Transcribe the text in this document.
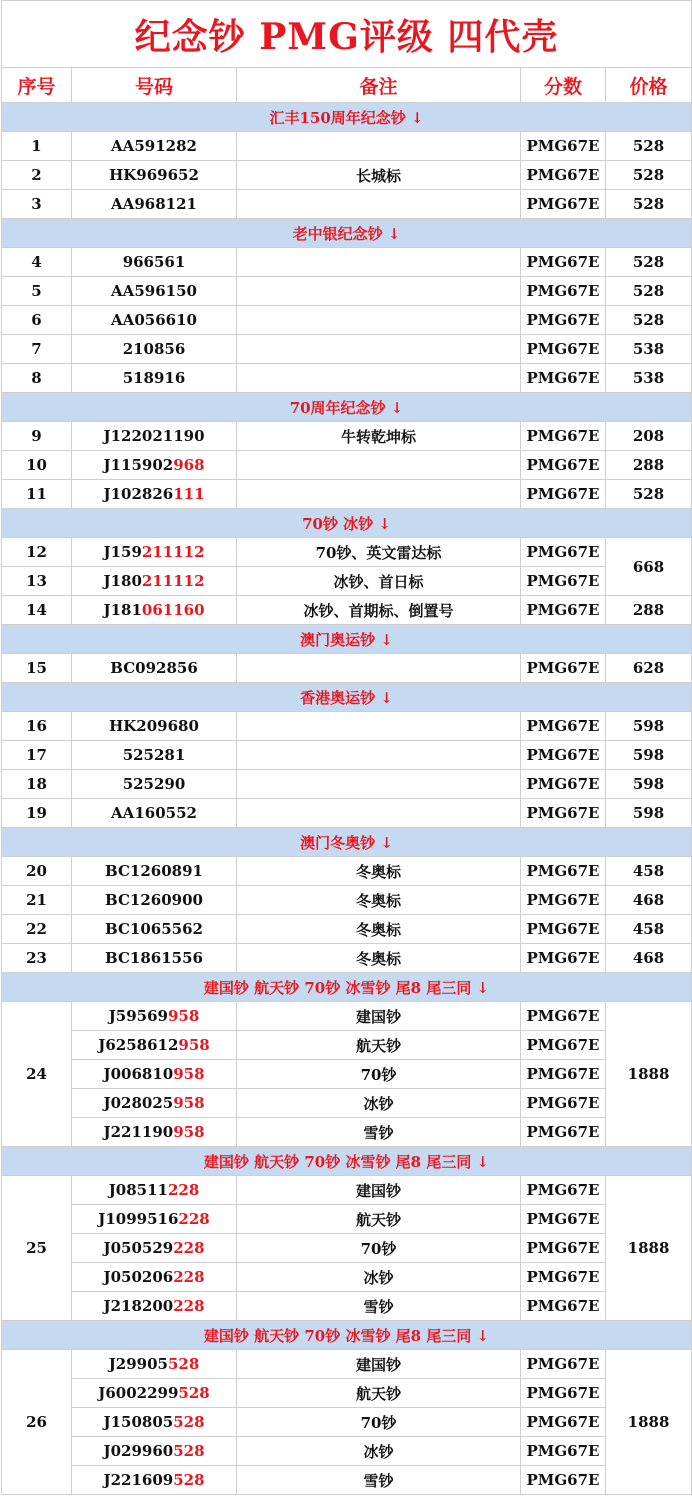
纪念钞 PMG评级 四代壳				
序号	号码	备注	分数	价格
汇丰150周年纪念钞 ↓				
1	AA591282		PMG67E	528
2	HK969652	长城标	PMG67E	528
3	AA968121		PMG67E	528
老中银纪念钞 ↓				
4	966561		PMG67E	528
5	AA596150		PMG67E	528
6	AA056610		PMG67E	528
7	210856		PMG67E	538
8	518916		PMG67E	538
70周年纪念钞 ↓				
9	J122021190	牛转乾坤标	PMG67E	208
10	J115902968		PMG67E	288
11	J102826111		PMG67E	528
70钞 冰钞 ↓				
12	J159211112	70钞、英文雷达标	PMG67E	668
13	J180211112	冰钞、首日标	PMG67E	
14	J181061160	冰钞、首期标、倒置号	PMG67E	288
澳门奥运钞 ↓				
15	BC092856		PMG67E	628
香港奥运钞 ↓				
16	HK209680		PMG67E	598
17	525281		PMG67E	598
18	525290		PMG67E	598
19	AA160552		PMG67E	598
澳门冬奥钞 ↓				
20	BC1260891	冬奥标	PMG67E	458
21	BC1260900	冬奥标	PMG67E	468
22	BC1065562	冬奥标	PMG67E	458
23	BC1861556	冬奥标	PMG67E	468
建国钞 航天钞 70钞 冰雪钞 尾8 尾三同 ↓				
24	J59569958	建国钞	PMG67E	1888
	J6258612958	航天钞	PMG67E	
	J006810958	70钞	PMG67E	
	J028025958	冰钞	PMG67E	
	J221190958	雪钞	PMG67E	
建国钞 航天钞 70钞 冰雪钞 尾8 尾三同 ↓				
25	J08511228	建国钞	PMG67E	1888
	J1099516228	航天钞	PMG67E	
	J050529228	70钞	PMG67E	
	J050206228	冰钞	PMG67E	
	J218200228	雪钞	PMG67E	
建国钞 航天钞 70钞 冰雪钞 尾8 尾三同 ↓				
26	J29905528	建国钞	PMG67E	1888
	J6002299528	航天钞	PMG67E	
	J150805528	70钞	PMG67E	
	J029960528	冰钞	PMG67E	
	J221609528	雪钞	PMG67E	
